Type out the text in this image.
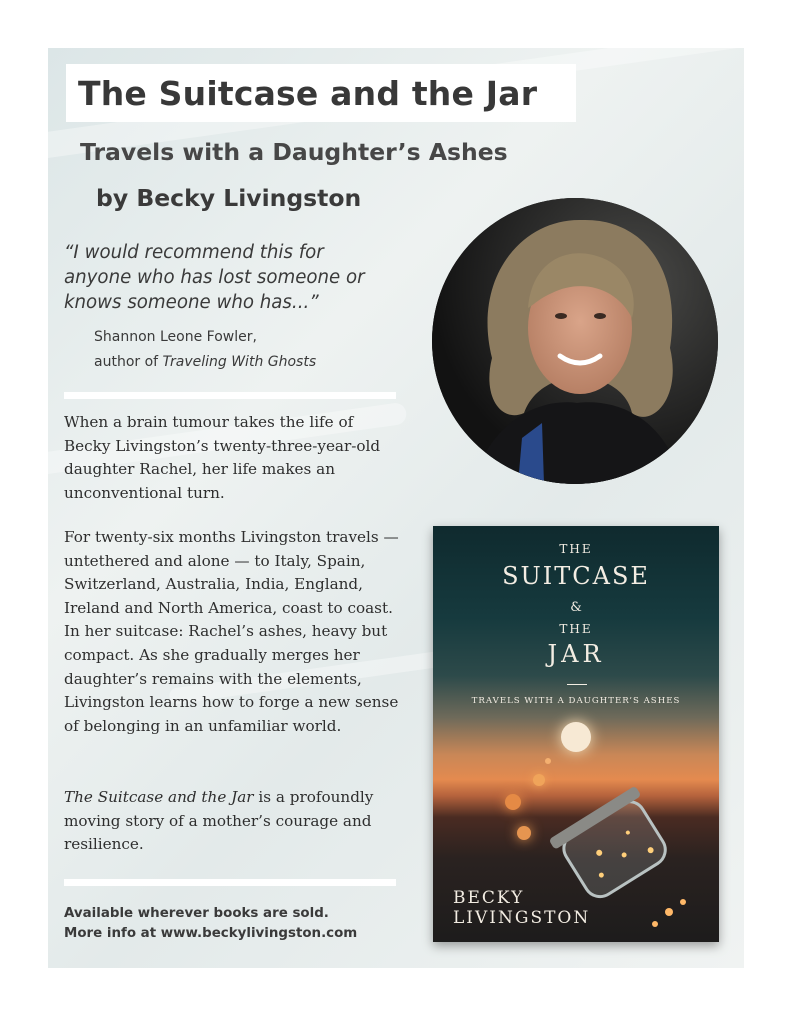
The Suitcase and the Jar
Travels with a Daughter’s Ashes
by Becky Livingston

“I would recommend this for anyone who has lost someone or knows someone who has...”

Shannon Leone Fowler,

author of Traveling With Ghosts

When a brain tumour takes the life of Becky Livingston’s twenty-three-year-old daughter Rachel, her life makes an unconventional turn.

For twenty-six months Livingston travels — untethered and alone — to Italy, Spain, Switzerland, Australia, India, England, Ireland and North America, coast to coast. In her suitcase: Rachel’s ashes, heavy but compact. As she gradually merges her daughter’s remains with the elements, Livingston learns how to forge a new sense of belonging in an unfamiliar world.

The Suitcase and the Jar is a profoundly moving story of a mother’s courage and resilience.

Available wherever books are sold.
More info at www.beckylivingston.com

THE

SUITCASE

&

THE

JAR

TRAVELS WITH A DAUGHTER’S ASHES

BECKY

LIVINGSTON
